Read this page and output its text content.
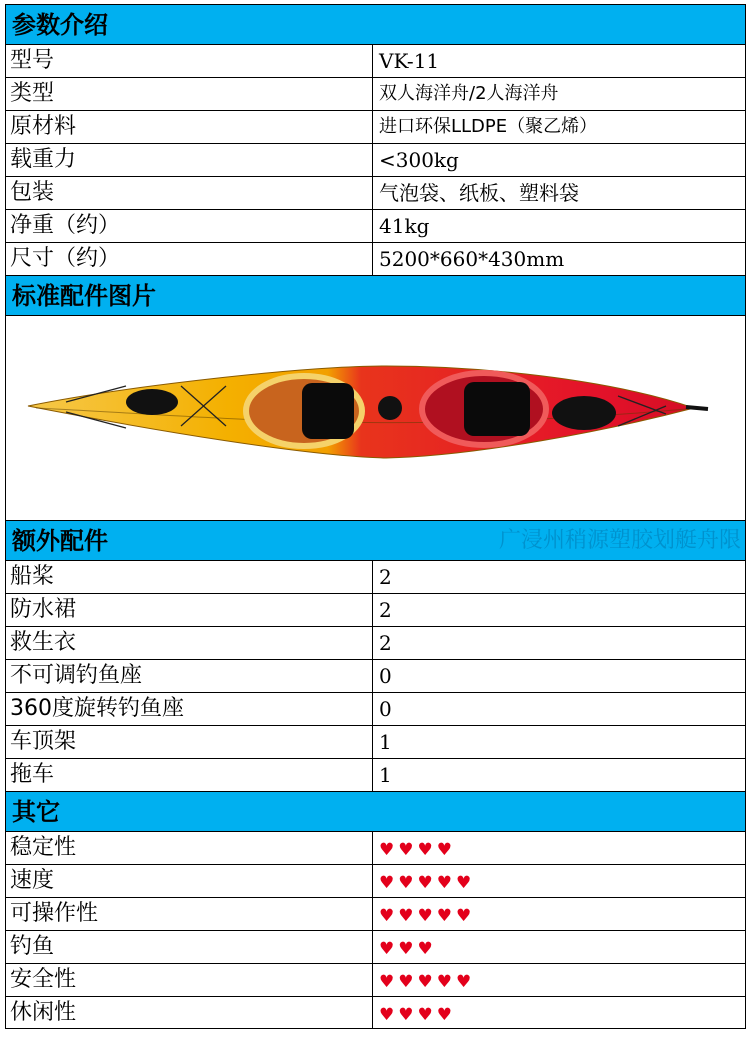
参数介绍
型号	VK-11
类型	双人海洋舟/2人海洋舟
原材料	进口环保LLDPE（聚乙烯）
载重力	<300kg
包装	气泡袋、纸板、塑料袋
净重（约）	41kg
尺寸（约）	5200*660*430mm
标准配件图片
额外配件	广浸州稍源塑胶划艇舟限
船桨	2
防水裙	2
救生衣	2
不可调钓鱼座	0
360度旋转钓鱼座	0
车顶架	1
拖车	1
其它
稳定性	♥ ♥ ♥ ♥
速度	♥ ♥ ♥ ♥ ♥
可操作性	♥ ♥ ♥ ♥ ♥
钓鱼	♥ ♥ ♥
安全性	♥ ♥ ♥ ♥ ♥
休闲性	♥ ♥ ♥ ♥
